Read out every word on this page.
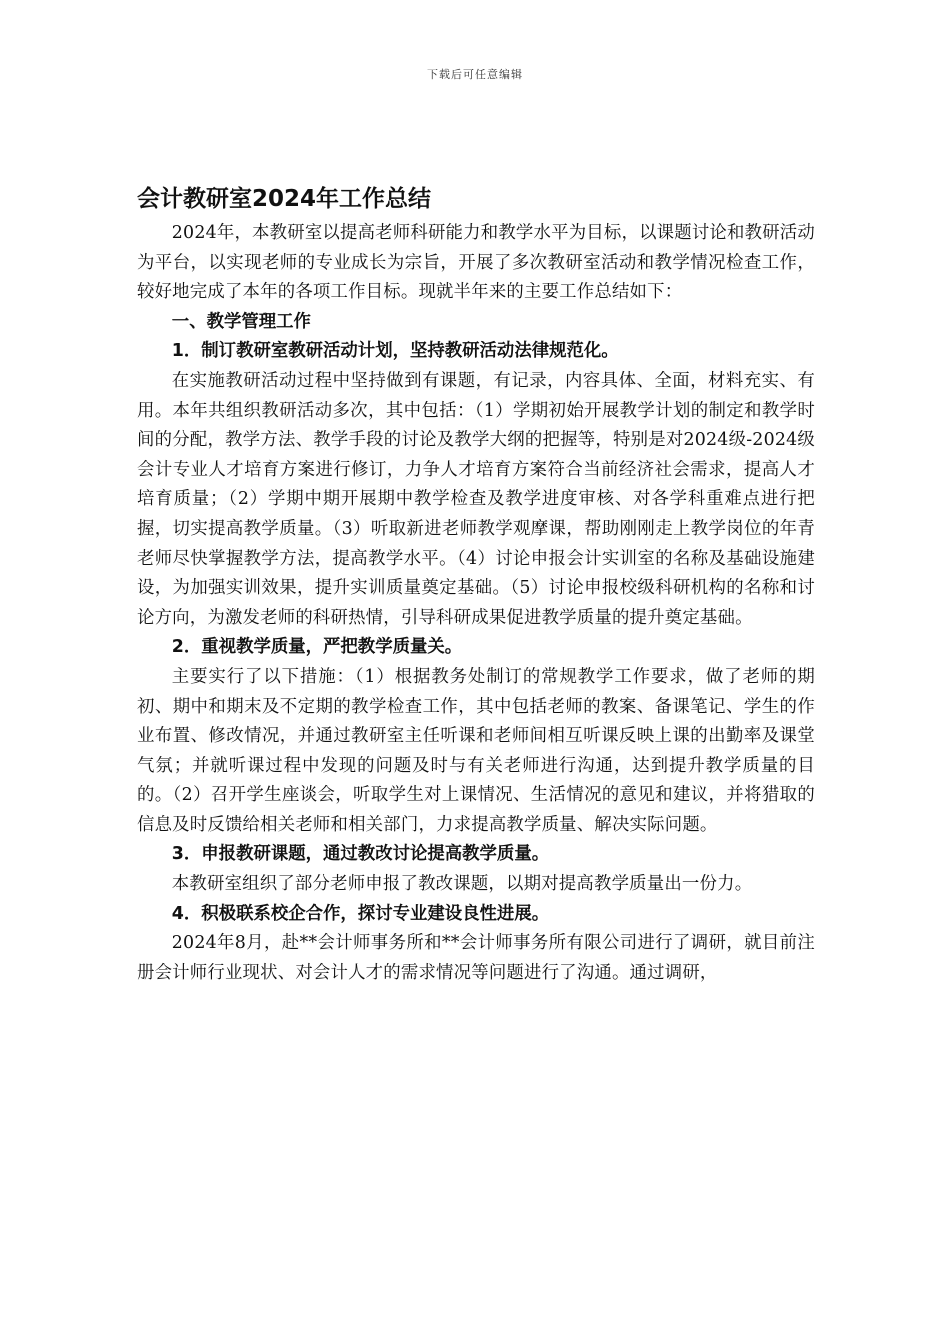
下载后可任意编辑
会计教研室2024年工作总结

2024年，本教研室以提高老师科研能力和教学水平为目标，以课题讨论和教研活动为平台，以实现老师的专业成长为宗旨，开展了多次教研室活动和教学情况检查工作，较好地完成了本年的各项工作目标。现就半年来的主要工作总结如下：

一、教学管理工作

1．制订教研室教研活动计划，坚持教研活动法律规范化。

在实施教研活动过程中坚持做到有课题，有记录，内容具体、全面，材料充实、有用。本年共组织教研活动多次，其中包括：（1）学期初始开展教学计划的制定和教学时间的分配，教学方法、教学手段的讨论及教学大纲的把握等，特别是对2024级-2024级会计专业人才培育方案进行修订，力争人才培育方案符合当前经济社会需求，提高人才培育质量；（2）学期中期开展期中教学检查及教学进度审核、对各学科重难点进行把握，切实提高教学质量。（3）听取新进老师教学观摩课，帮助刚刚走上教学岗位的年青老师尽快掌握教学方法，提高教学水平。（4）讨论申报会计实训室的名称及基础设施建设，为加强实训效果，提升实训质量奠定基础。（5）讨论申报校级科研机构的名称和讨论方向，为激发老师的科研热情，引导科研成果促进教学质量的提升奠定基础。

2．重视教学质量，严把教学质量关。

主要实行了以下措施：（1）根据教务处制订的常规教学工作要求，做了老师的期初、期中和期末及不定期的教学检查工作，其中包括老师的教案、备课笔记、学生的作业布置、修改情况，并通过教研室主任听课和老师间相互听课反映上课的出勤率及课堂气氛；并就听课过程中发现的问题及时与有关老师进行沟通，达到提升教学质量的目的。（2）召开学生座谈会，听取学生对上课情况、生活情况的意见和建议，并将猎取的信息及时反馈给相关老师和相关部门，力求提高教学质量、解决实际问题。

3．申报教研课题，通过教改讨论提高教学质量。

本教研室组织了部分老师申报了教改课题，以期对提高教学质量出一份力。

4．积极联系校企合作，探讨专业建设良性进展。

2024年8月，赴**会计师事务所和**会计师事务所有限公司进行了调研，就目前注册会计师行业现状、对会计人才的需求情况等问题进行了沟通。通过调研，
